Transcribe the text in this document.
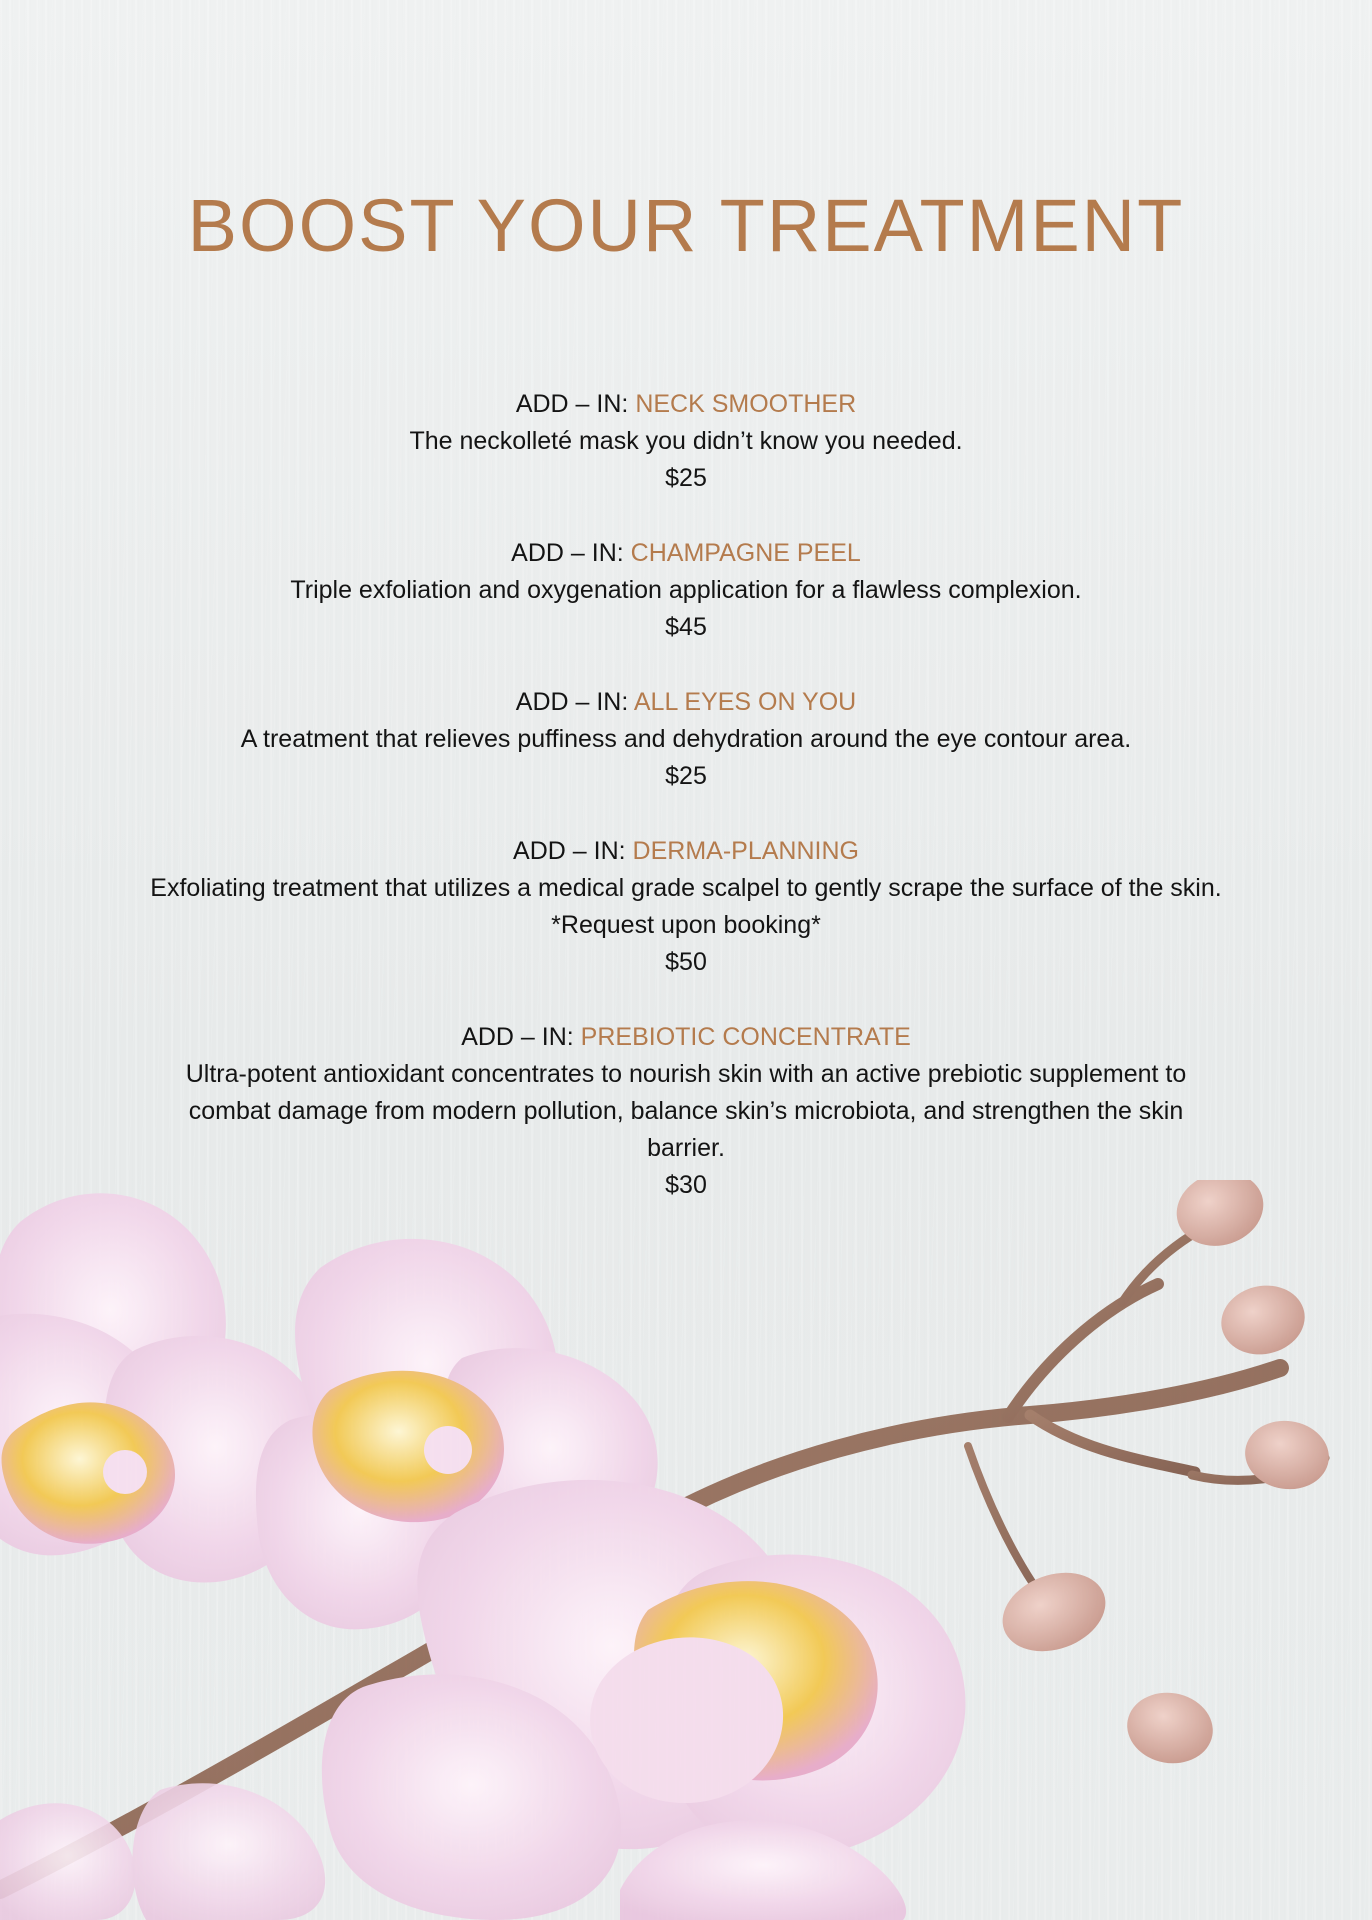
BOOST YOUR TREATMENT
ADD – IN: NECK SMOOTHER
The neckolleté mask you didn’t know you needed.
$25
ADD – IN: CHAMPAGNE PEEL
Triple exfoliation and oxygenation application for a flawless complexion.
$45
ADD – IN: ALL EYES ON YOU
A treatment that relieves puffiness and dehydration around the eye contour area.
$25
ADD – IN: DERMA-PLANNING
Exfoliating treatment that utilizes a medical grade scalpel to gently scrape the surface of the skin.
*Request upon booking*
$50
ADD – IN: PREBIOTIC CONCENTRATE
Ultra-potent antioxidant concentrates to nourish skin with an active prebiotic supplement to
combat damage from modern pollution, balance skin’s microbiota, and strengthen the skin
barrier.
$30
